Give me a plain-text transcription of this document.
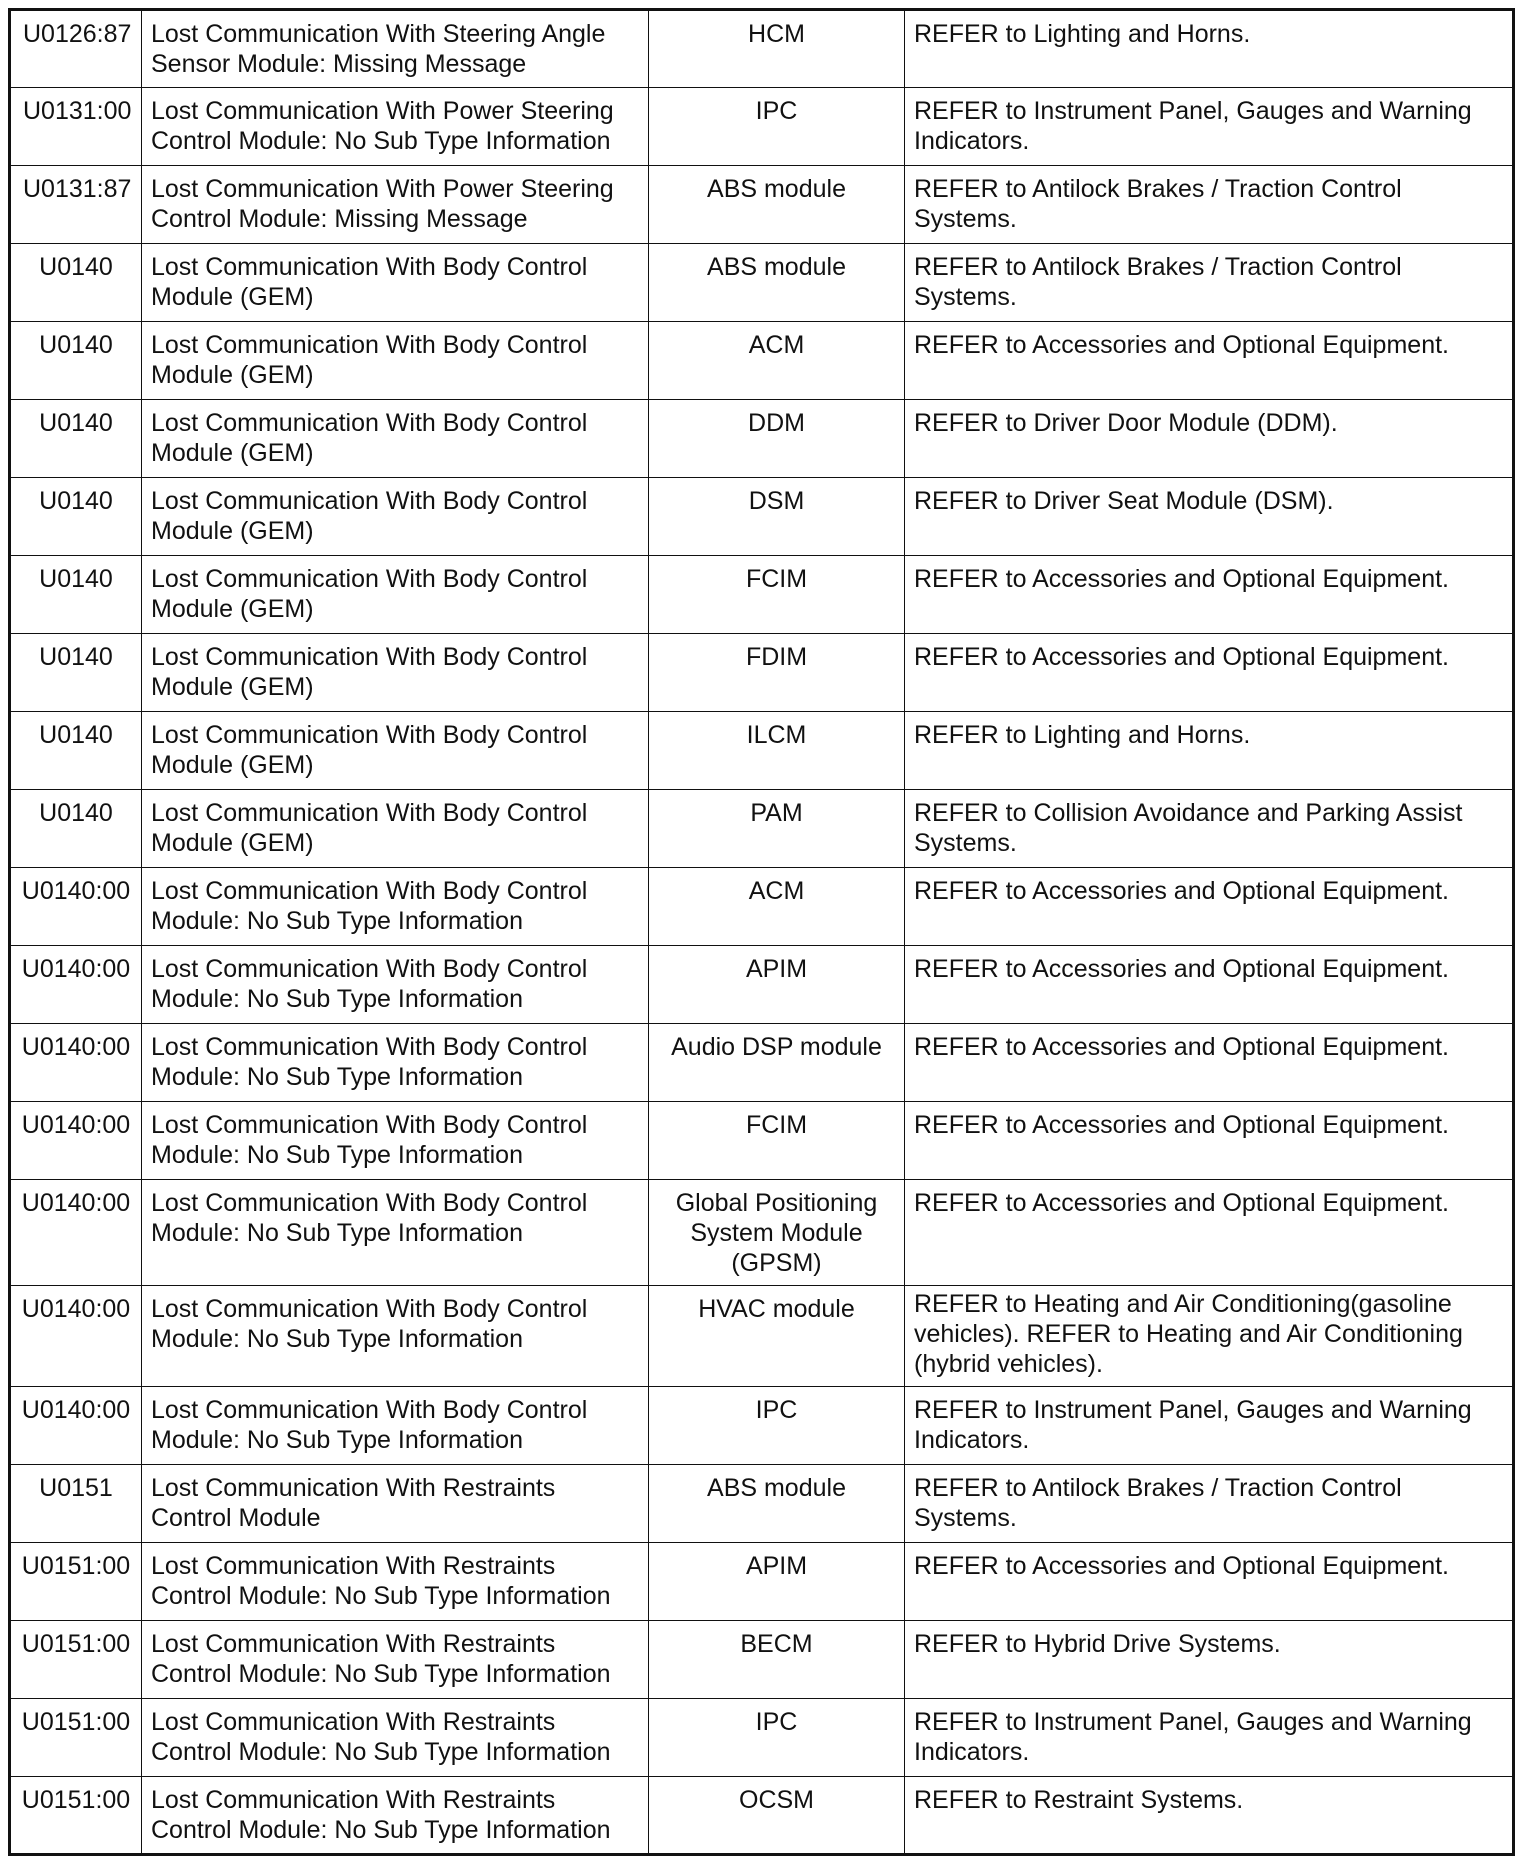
U0126:87	Lost Communication With Steering Angle Sensor Module: Missing Message	HCM	REFER to Lighting and Horns.
U0131:00	Lost Communication With Power Steering Control Module: No Sub Type Information	IPC	REFER to Instrument Panel, Gauges and Warning Indicators.
U0131:87	Lost Communication With Power Steering Control Module: Missing Message	ABS module	REFER to Antilock Brakes / Traction Control Systems.
U0140	Lost Communication With Body Control Module (GEM)	ABS module	REFER to Antilock Brakes / Traction Control Systems.
U0140	Lost Communication With Body Control Module (GEM)	ACM	REFER to Accessories and Optional Equipment.
U0140	Lost Communication With Body Control Module (GEM)	DDM	REFER to Driver Door Module (DDM).
U0140	Lost Communication With Body Control Module (GEM)	DSM	REFER to Driver Seat Module (DSM).
U0140	Lost Communication With Body Control Module (GEM)	FCIM	REFER to Accessories and Optional Equipment.
U0140	Lost Communication With Body Control Module (GEM)	FDIM	REFER to Accessories and Optional Equipment.
U0140	Lost Communication With Body Control Module (GEM)	ILCM	REFER to Lighting and Horns.
U0140	Lost Communication With Body Control Module (GEM)	PAM	REFER to Collision Avoidance and Parking Assist Systems.
U0140:00	Lost Communication With Body Control Module: No Sub Type Information	ACM	REFER to Accessories and Optional Equipment.
U0140:00	Lost Communication With Body Control Module: No Sub Type Information	APIM	REFER to Accessories and Optional Equipment.
U0140:00	Lost Communication With Body Control Module: No Sub Type Information	Audio DSP module	REFER to Accessories and Optional Equipment.
U0140:00	Lost Communication With Body Control Module: No Sub Type Information	FCIM	REFER to Accessories and Optional Equipment.
U0140:00	Lost Communication With Body Control Module: No Sub Type Information	Global Positioning System Module (GPSM)	REFER to Accessories and Optional Equipment.
U0140:00	Lost Communication With Body Control Module: No Sub Type Information	HVAC module	REFER to Heating and Air Conditioning(gasoline vehicles). REFER to Heating and Air Conditioning (hybrid vehicles).
U0140:00	Lost Communication With Body Control Module: No Sub Type Information	IPC	REFER to Instrument Panel, Gauges and Warning Indicators.
U0151	Lost Communication With Restraints Control Module	ABS module	REFER to Antilock Brakes / Traction Control Systems.
U0151:00	Lost Communication With Restraints Control Module: No Sub Type Information	APIM	REFER to Accessories and Optional Equipment.
U0151:00	Lost Communication With Restraints Control Module: No Sub Type Information	BECM	REFER to Hybrid Drive Systems.
U0151:00	Lost Communication With Restraints Control Module: No Sub Type Information	IPC	REFER to Instrument Panel, Gauges and Warning Indicators.
U0151:00	Lost Communication With Restraints Control Module: No Sub Type Information	OCSM	REFER to Restraint Systems.
